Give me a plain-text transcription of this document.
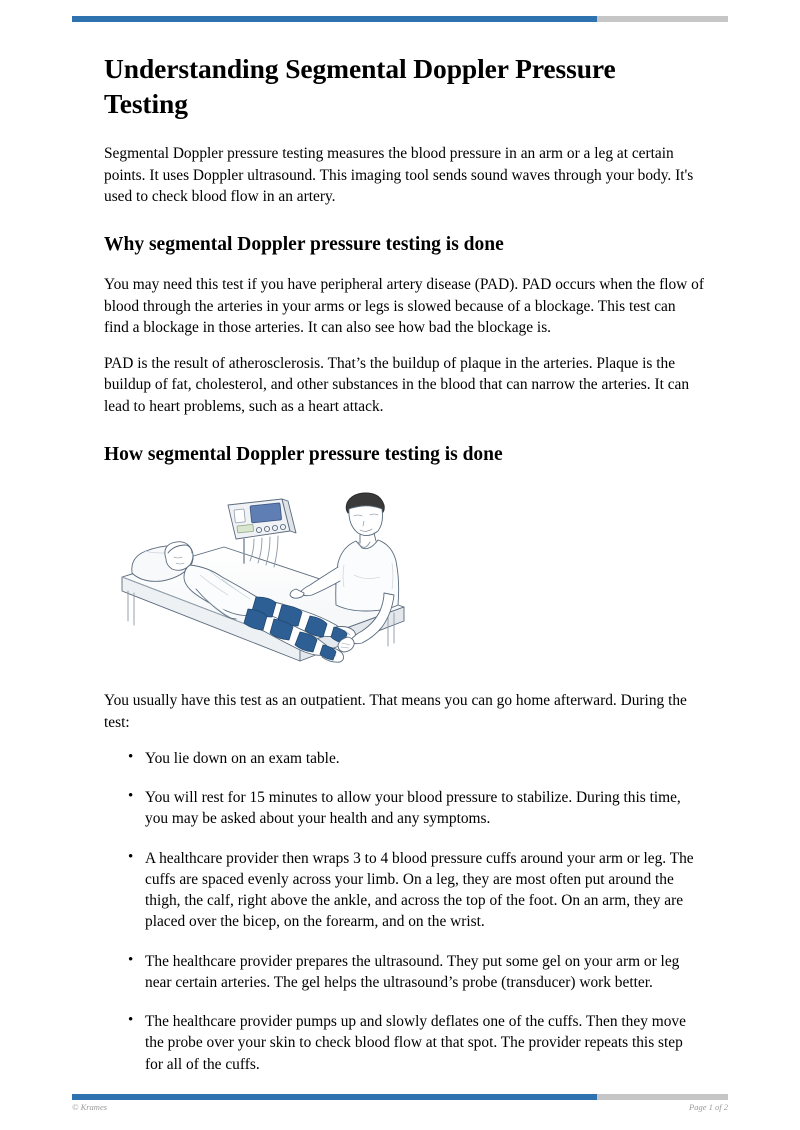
Understanding Segmental Doppler Pressure Testing

Segmental Doppler pressure testing measures the blood pressure in an arm or a leg at certain points. It uses Doppler ultrasound. This imaging tool sends sound waves through your body. It's used to check blood flow in an artery.

Why segmental Doppler pressure testing is done

You may need this test if you have peripheral artery disease (PAD). PAD occurs when the flow of blood through the arteries in your arms or legs is slowed because of a blockage. This test can find a blockage in those arteries. It can also see how bad the blockage is.

PAD is the result of atherosclerosis. That’s the buildup of plaque in the arteries. Plaque is the buildup of fat, cholesterol, and other substances in the blood that can narrow the arteries. It can lead to heart problems, such as a heart attack.

How segmental Doppler pressure testing is done

You usually have this test as an outpatient. That means you can go home afterward. During the test:

• You lie down on an exam table.
• You will rest for 15 minutes to allow your blood pressure to stabilize. During this time, you may be asked about your health and any symptoms.
• A healthcare provider then wraps 3 to 4 blood pressure cuffs around your arm or leg. The cuffs are spaced evenly across your limb. On a leg, they are most often put around the thigh, the calf, right above the ankle, and across the top of the foot. On an arm, they are placed over the bicep, on the forearm, and on the wrist.
• The healthcare provider prepares the ultrasound. They put some gel on your arm or leg near certain arteries. The gel helps the ultrasound’s probe (transducer) work better.
• The healthcare provider pumps up and slowly deflates one of the cuffs. Then they move the probe over your skin to check blood flow at that spot. The provider repeats this step for all of the cuffs.
© Krames	Page 1 of 2
